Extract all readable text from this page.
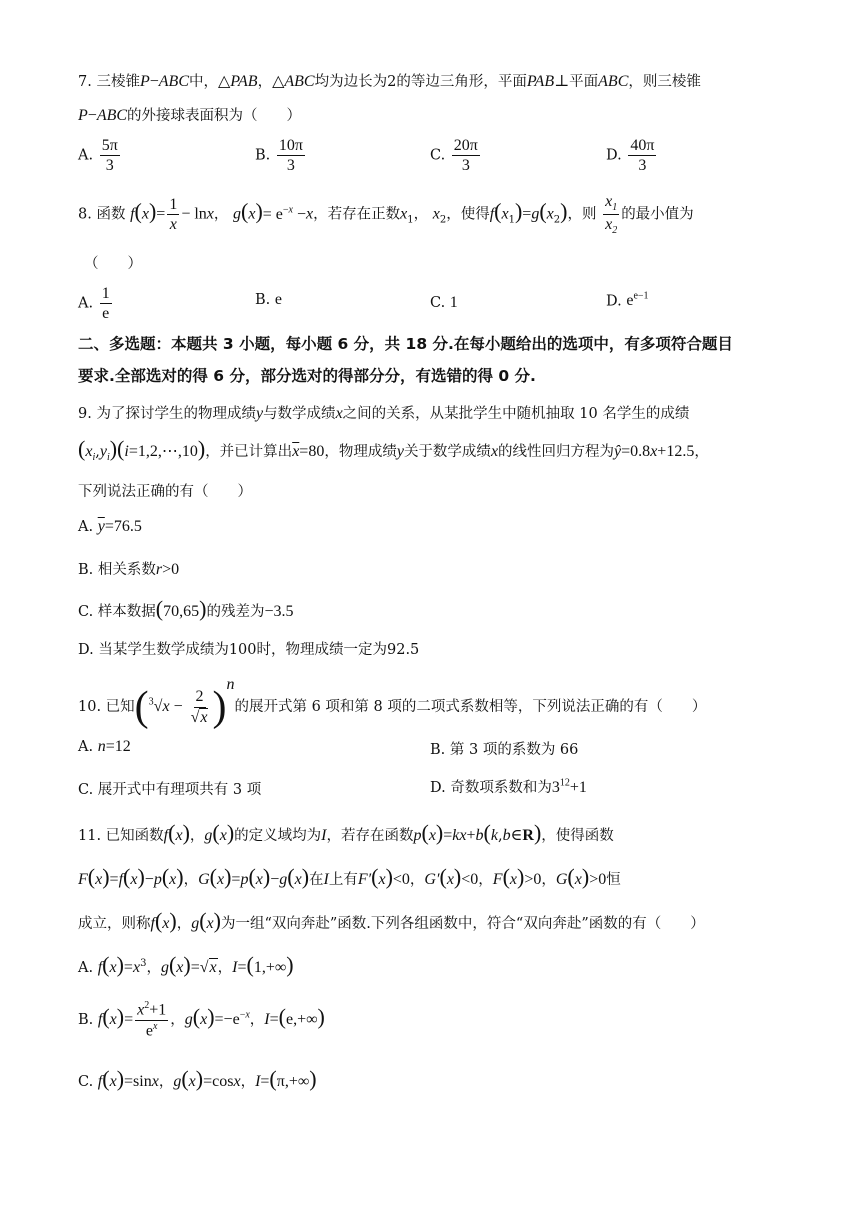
7. 三棱锥P−ABC中，△PAB，△ABC均为边长为2的等边三角形，平面PAB⊥平面ABC，则三棱锥
P−ABC的外接球表面积为（　　）
A. $\frac{5\pi}{3}$	B. $\frac{10\pi}{3}$	C. $\frac{20\pi}{3}$	D. $\frac{40\pi}{3}$
8. 函数 $f(x)= \frac{1}{x} - \ln x$， $g(x)= e^{-x} -x$，若存在正数$x_1$， $x_2$，使得$f(x_1)=g(x_2)$，则 $\frac{x_1}{x_2}$ 的最小值为
（　　）
A. $\frac{1}{e}$	B. e	C. 1	D. $e^{e-1}$
二、多选题：本题共 3 小题，每小题 6 分，共 18 分.在每小题给出的选项中，有多项符合题目
要求.全部选对的得 6 分，部分选对的得部分分，有选错的得 0 分.
9. 为了探讨学生的物理成绩y与数学成绩x之间的关系，从某批学生中随机抽取 10 名学生的成绩
$(x_i,y_i)(i=1,2,\cdots,10)$，并已计算出$\overline{x}=80$，物理成绩y关于数学成绩x的线性回归方程为ŷ=0.8x+12.5，
下列说法正确的有（　　）
A. $\overline{y}=76.5$
B. 相关系数r>0
C. 样本数据(70,65)的残差为−3.5
D. 当某学生数学成绩为100时，物理成绩一定为92.5
10. 已知$(^3√x - \frac{2}{√x} )^n$的展开式第 6 项和第 8 项的二项式系数相等，下列说法正确的有（　　）
A. n=12	B. 第 3 项的系数为 66
C. 展开式中有理项共有 3 项	D. 奇数项系数和为$3^{12}+1$
11. 已知函数f(x)，g(x)的定义域均为I，若存在函数p(x)=kx+b(k,b∈R)，使得函数
F(x)=f(x)−p(x)，G(x)=p(x)−g(x)在I上有F′(x)<0，G′(x)<0，F(x)>0，G(x)>0恒
成立，则称f(x)，g(x)为一组“双向奔赴”函数.下列各组函数中，符合“双向奔赴”函数的有（　　）
A. $f(x)=x^3$，g(x)=√x，I=(1,+∞)
B. $f(x)= \frac{x^2+1}{e^x}$ ，$g(x)=-e^{-x}$，I=(e,+∞)
C. f(x)=sinx，g(x)=cosx，I=(π,+∞)
